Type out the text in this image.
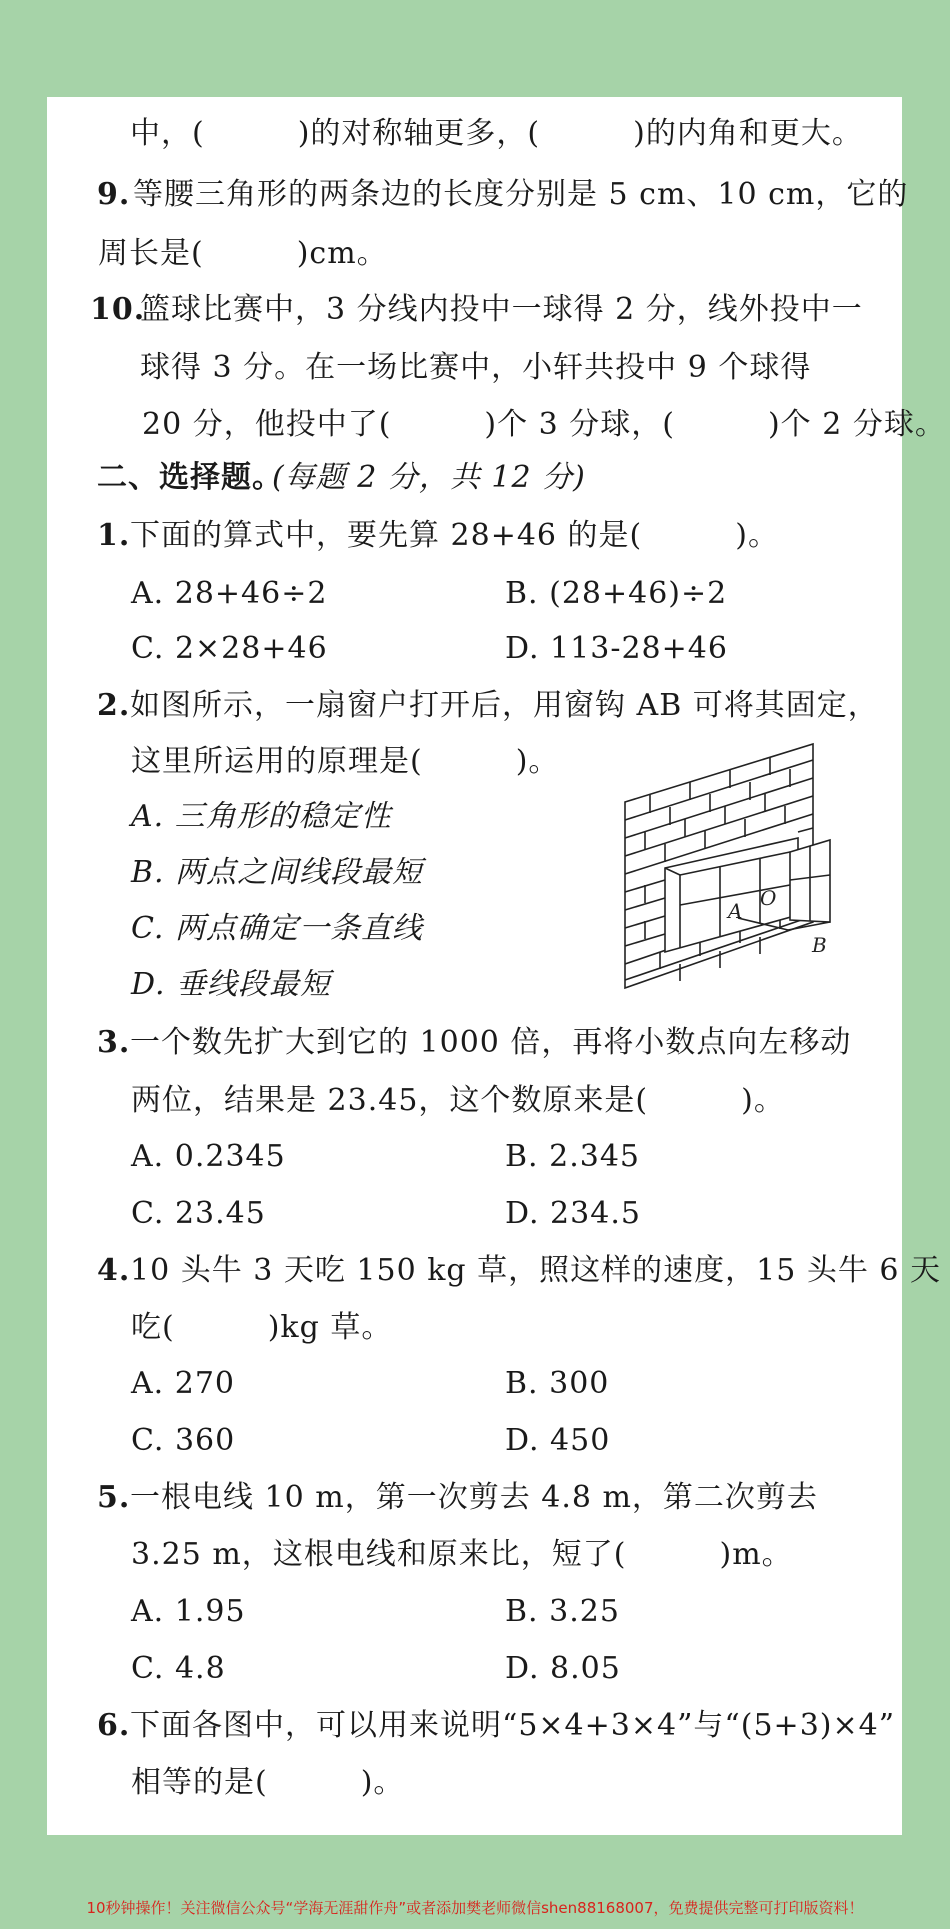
中，(　　　)的对称轴更多，(　　　)的内角和更大。
9. 等腰三角形的两条边的长度分别是 5 cm、10 cm，它的
周长是(　　　)cm。
10.
篮球比赛中，3 分线内投中一球得 2 分，线外投中一
球得 3 分。在一场比赛中，小轩共投中 9 个球得
20 分，他投中了(　　　)个 3 分球，(　　　)个 2 分球。
二、选择题。
(每题 2 分，共 12 分)
1. 下面的算式中，要先算 28+46 的是(　　　)。
A. 28+46÷2	B. (28+46)÷2
C. 2×28+46	D. 113-28+46
2. 如图所示，一扇窗户打开后，用窗钩 AB 可将其固定，
这里所运用的原理是(　　　)。
A. 三角形的稳定性
B. 两点之间线段最短
C. 两点确定一条直线
D. 垂线段最短
A
O
B
3. 一个数先扩大到它的 1000 倍，再将小数点向左移动
两位，结果是 23.45，这个数原来是(　　　)。
A. 0.2345	B. 2.345
C. 23.45	D. 234.5
4. 10 头牛 3 天吃 150 kg 草，照这样的速度，15 头牛 6 天
吃(　　　)kg 草。
A. 270	B. 300
C. 360	D. 450
5. 一根电线 10 m，第一次剪去 4.8 m，第二次剪去
3.25 m，这根电线和原来比，短了(　　　)m。
A. 1.95	B. 3.25
C. 4.8	D. 8.05
6. 下面各图中，可以用来说明“5×4+3×4”与“(5+3)×4”
相等的是(　　　)。
10秒钟操作！关注微信公众号“学海无涯甜作舟”或者添加樊老师微信shen88168007，免费提供完整可打印版资料！
